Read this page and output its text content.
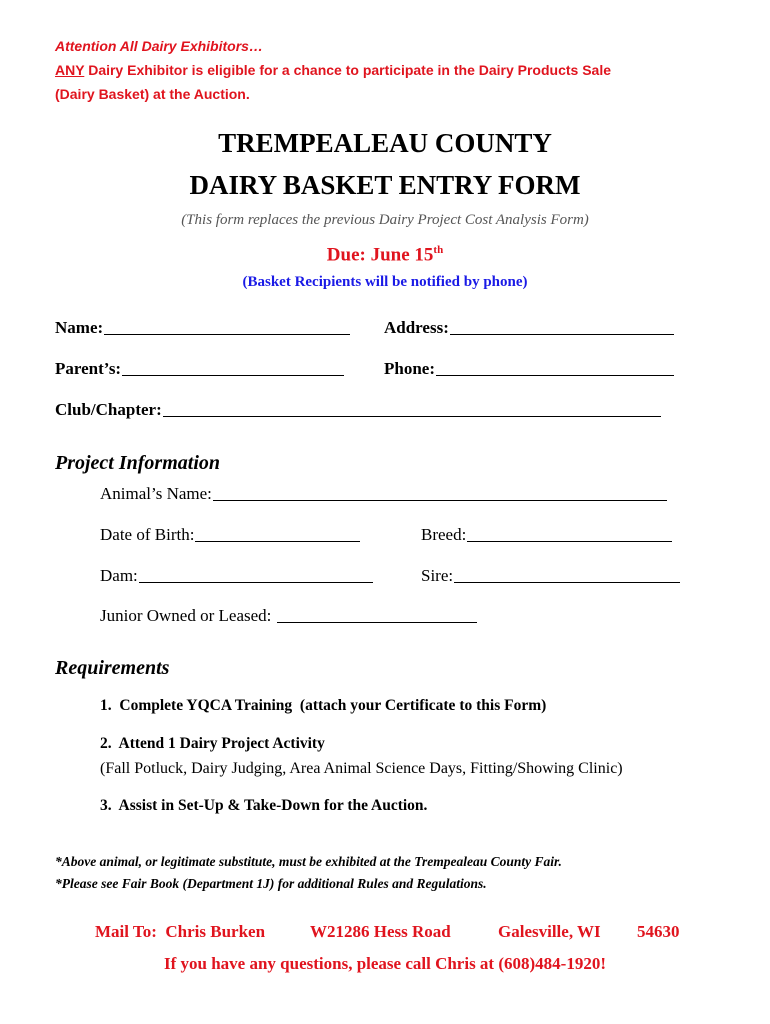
Attention All Dairy Exhibitors…
ANY Dairy Exhibitor is eligible for a chance to participate in the Dairy Products Sale
(Dairy Basket) at the Auction.
TREMPEALEAU COUNTY
DAIRY BASKET ENTRY FORM
(This form replaces the previous Dairy Project Cost Analysis Form)
Due: June 15th
(Basket Recipients will be notified by phone)
Name:	Address:
Parent’s:	Phone:
Club/Chapter:
Project Information
Animal’s Name:
Date of Birth:	Breed:
Dam:	Sire:
Junior Owned or Leased:
Requirements
1.  Complete YQCA Training  (attach your Certificate to this Form)
2.  Attend 1 Dairy Project Activity
(Fall Potluck, Dairy Judging, Area Animal Science Days, Fitting/Showing Clinic)
3.  Assist in Set-Up & Take-Down for the Auction.
*Above animal, or legitimate substitute, must be exhibited at the Trempealeau County Fair.
*Please see Fair Book (Department 1J) for additional Rules and Regulations.
Mail To:  Chris Burken	W21286 Hess Road	Galesville, WI 54630
If you have any questions, please call Chris at (608)484-1920!
